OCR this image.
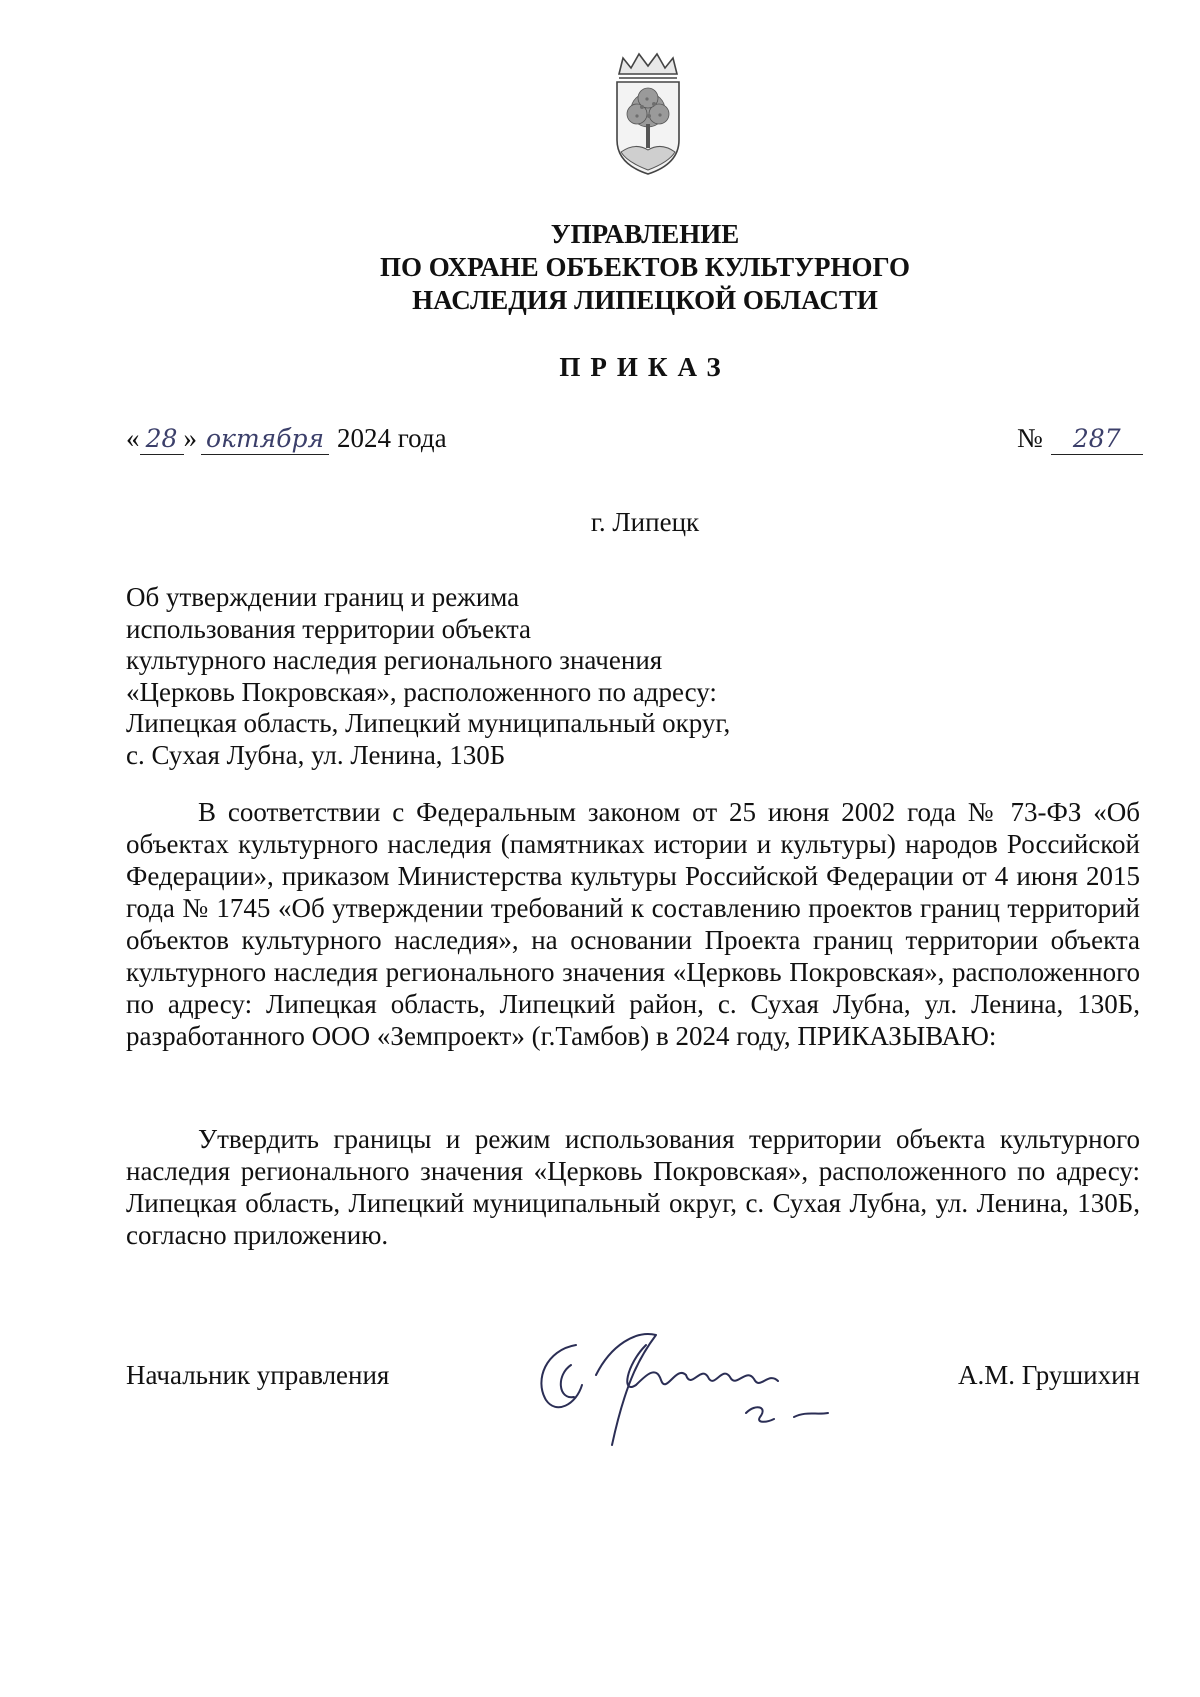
УПРАВЛЕНИЕ
ПО ОХРАНЕ ОБЪЕКТОВ КУЛЬТУРНОГО
НАСЛЕДИЯ ЛИПЕЦКОЙ ОБЛАСТИ
ПРИКАЗ
« 28 » октября 2024 года	№	287
г. Липецк
Об утверждении границ и режима
использования территории объекта
культурного наследия регионального значения
«Церковь Покровская», расположенного по адресу:
Липецкая область, Липецкий муниципальный округ,
с. Сухая Лубна, ул. Ленина, 130Б
В соответствии с Федеральным законом от 25 июня 2002 года № 73-ФЗ «Об объектах культурного наследия (памятниках истории и культуры) народов Российской Федерации», приказом Министерства культуры Российской Федерации от 4 июня 2015 года № 1745 «Об утверждении требований к составлению проектов границ территорий объектов культурного наследия», на основании Проекта границ территории объекта культурного наследия регионального значения «Церковь Покровская», расположенного по адресу: Липецкая область, Липецкий район, с. Сухая Лубна, ул. Ленина, 130Б, разработанного ООО «Земпроект» (г.Тамбов) в 2024 году, ПРИКАЗЫВАЮ:
Утвердить границы и режим использования территории объекта культурного наследия регионального значения «Церковь Покровская», расположенного по адресу: Липецкая область, Липецкий муниципальный округ, с. Сухая Лубна, ул. Ленина, 130Б, согласно приложению.
Начальник управления	А.М. Грушихин
